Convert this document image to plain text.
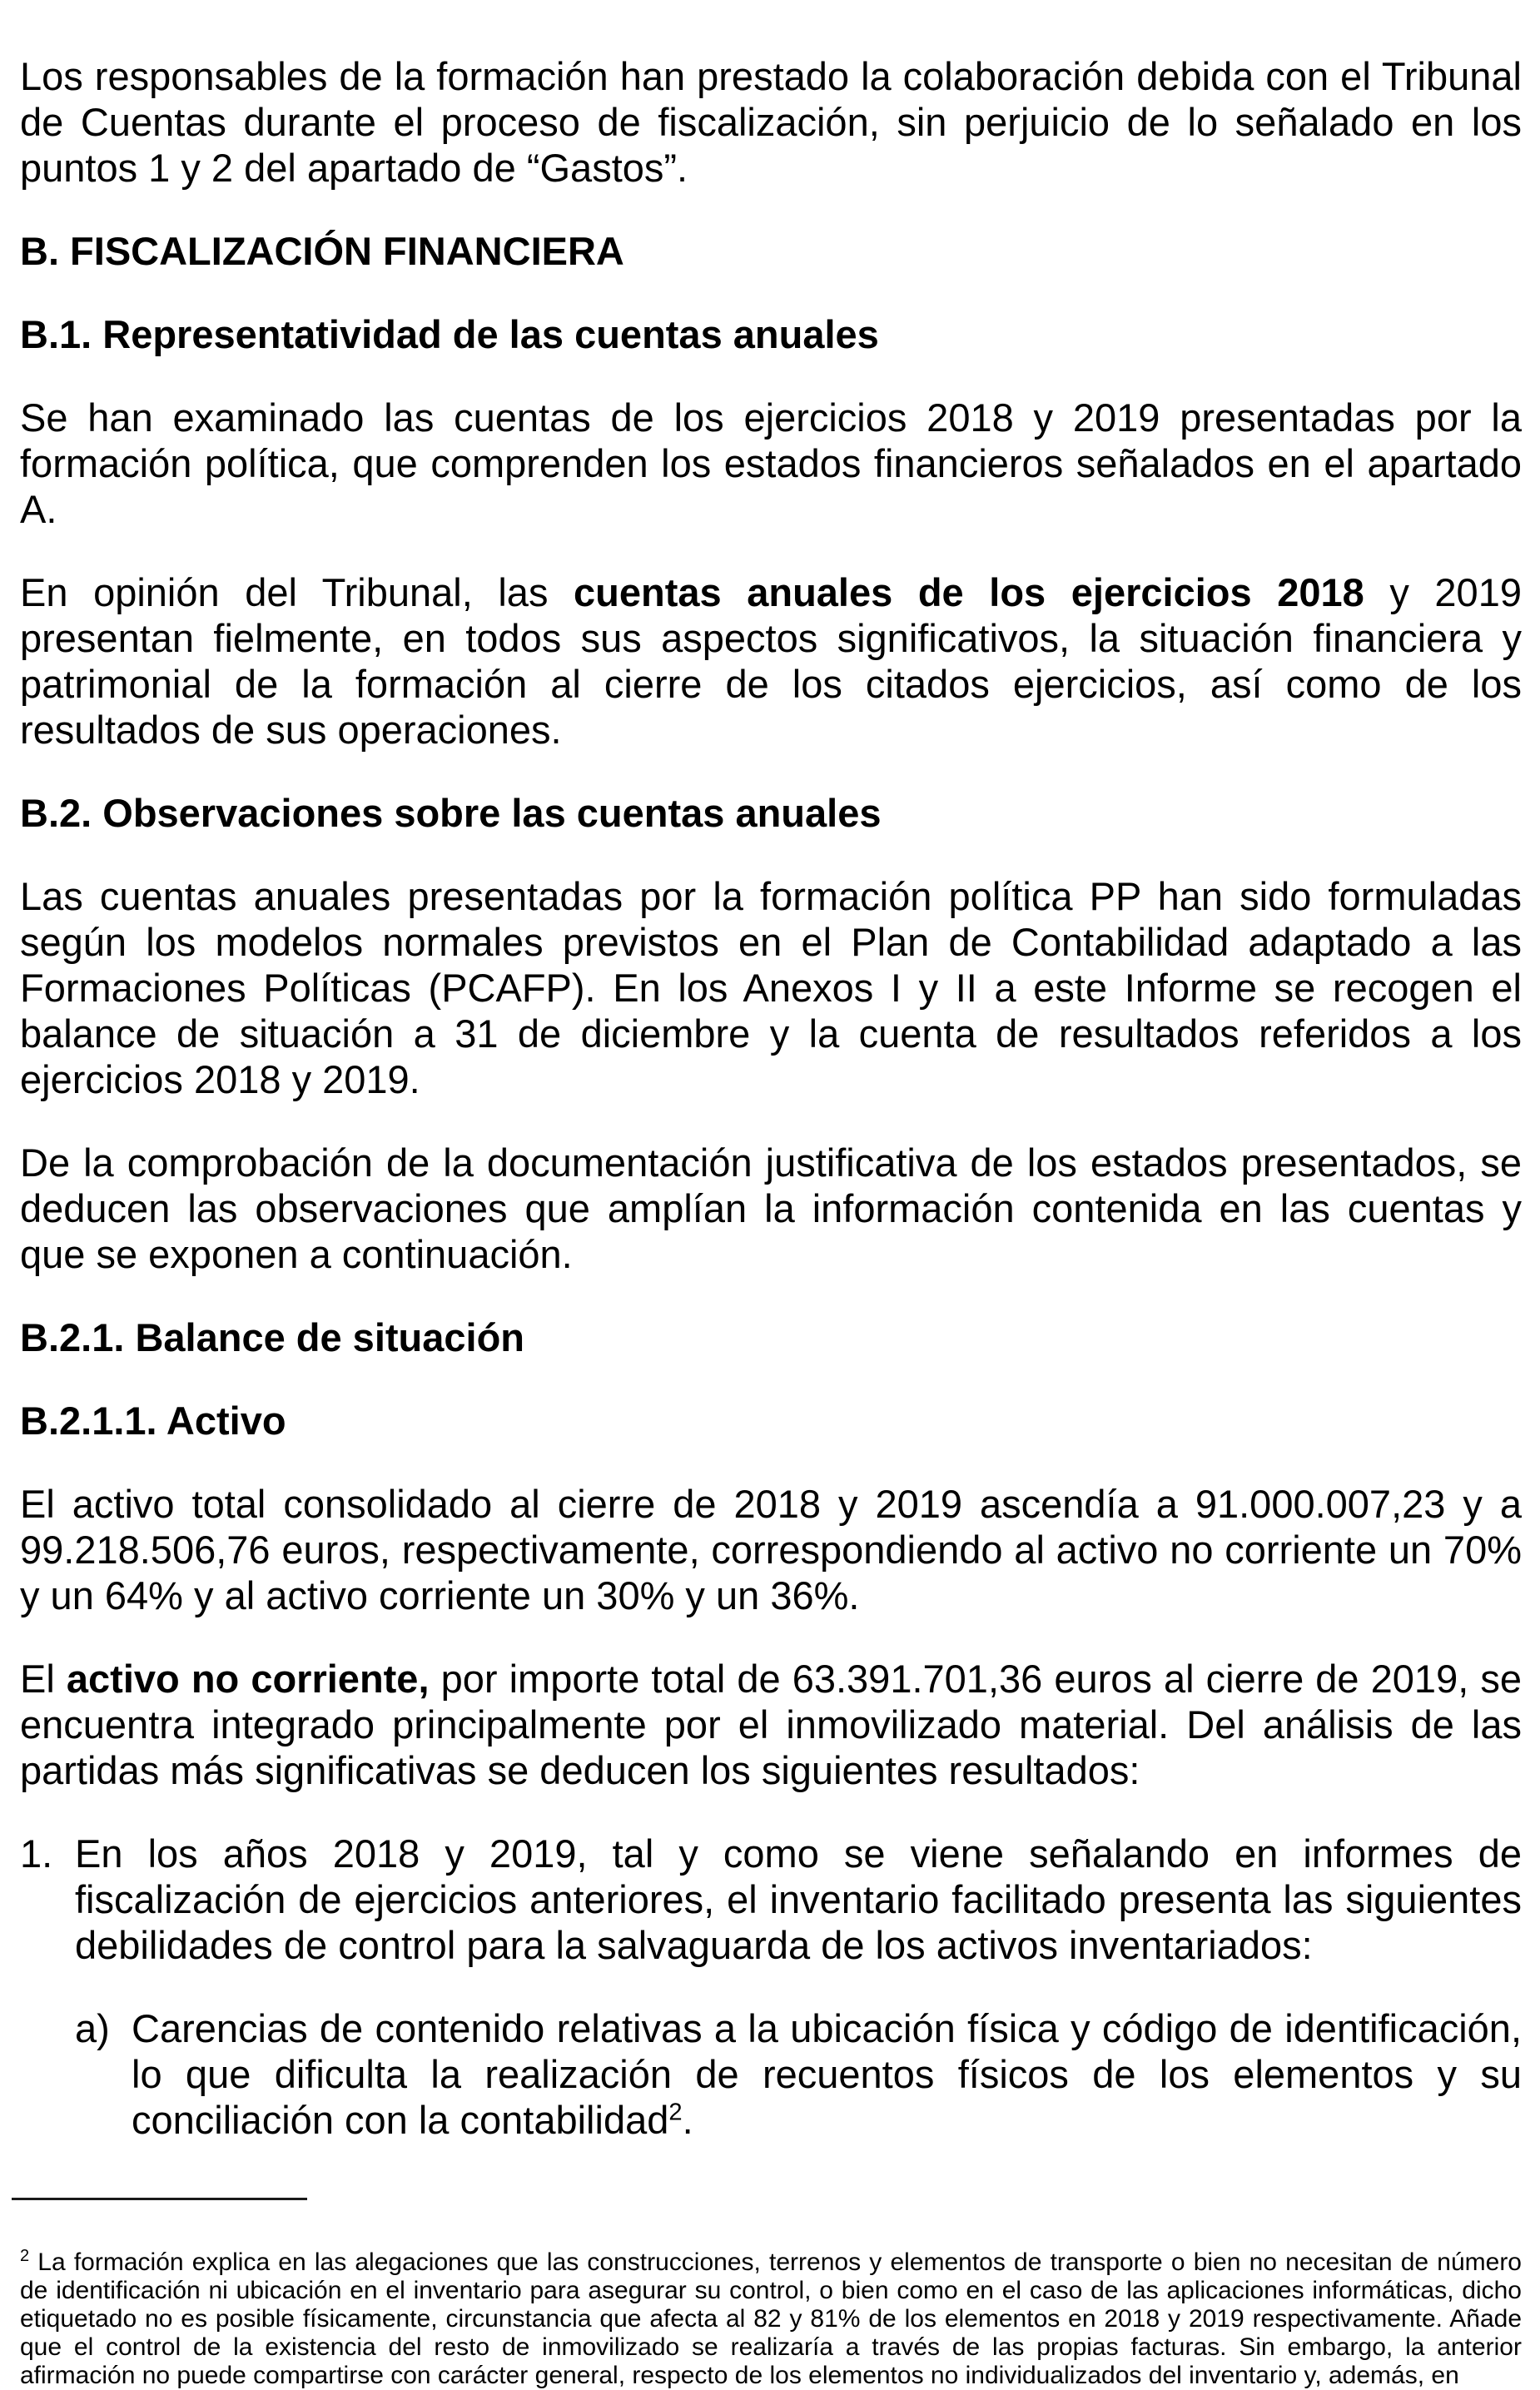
Los responsables de la formación han prestado la colaboración debida con el Tribunal de Cuentas durante el proceso de fiscalización, sin perjuicio de lo señalado en los puntos 1 y 2 del apartado de “Gastos”.

B. FISCALIZACIÓN FINANCIERA
B.1. Representatividad de las cuentas anuales

Se han examinado las cuentas de los ejercicios 2018 y 2019 presentadas por la formación política, que comprenden los estados financieros señalados en el apartado A.

En opinión del Tribunal, las cuentas anuales de los ejercicios 2018 y 2019 presentan fielmente, en todos sus aspectos significativos, la situación financiera y patrimonial de la formación al cierre de los citados ejercicios, así como de los resultados de sus operaciones.

B.2. Observaciones sobre las cuentas anuales

Las cuentas anuales presentadas por la formación política PP han sido formuladas según los modelos normales previstos en el Plan de Contabilidad adaptado a las Formaciones Políticas (PCAFP). En los Anexos I y II a este Informe se recogen el balance de situación a 31 de diciembre y la cuenta de resultados referidos a los ejercicios 2018 y 2019.

De la comprobación de la documentación justificativa de los estados presentados, se deducen las observaciones que amplían la información contenida en las cuentas y que se exponen a continuación.

B.2.1. Balance de situación
B.2.1.1. Activo

El activo total consolidado al cierre de 2018 y 2019 ascendía a 91.000.007,23 y a 99.218.506,76 euros, respectivamente, correspondiendo al activo no corriente un 70% y un 64% y al activo corriente un 30% y un 36%.

El activo no corriente, por importe total de 63.391.701,36 euros al cierre de 2019, se encuentra integrado principalmente por el inmovilizado material. Del análisis de las partidas más significativas se deducen los siguientes resultados:

1. En los años 2018 y 2019, tal y como se viene señalando en informes de fiscalización de ejercicios anteriores, el inventario facilitado presenta las siguientes debilidades de control para la salvaguarda de los activos inventariados:
a) Carencias de contenido relativas a la ubicación física y código de identificación, lo que dificulta la realización de recuentos físicos de los elementos y su conciliación con la contabilidad$^2$.

$^2$ La formación explica en las alegaciones que las construcciones, terrenos y elementos de transporte o bien no necesitan de número de identificación ni ubicación en el inventario para asegurar su control, o bien como en el caso de las aplicaciones informáticas, dicho etiquetado no es posible físicamente, circunstancia que afecta al 82 y 81% de los elementos en 2018 y 2019 respectivamente. Añade que el control de la existencia del resto de inmovilizado se realizaría a través de las propias facturas. Sin embargo, la anterior afirmación no puede compartirse con carácter general, respecto de los elementos no individualizados del inventario y, además, en
